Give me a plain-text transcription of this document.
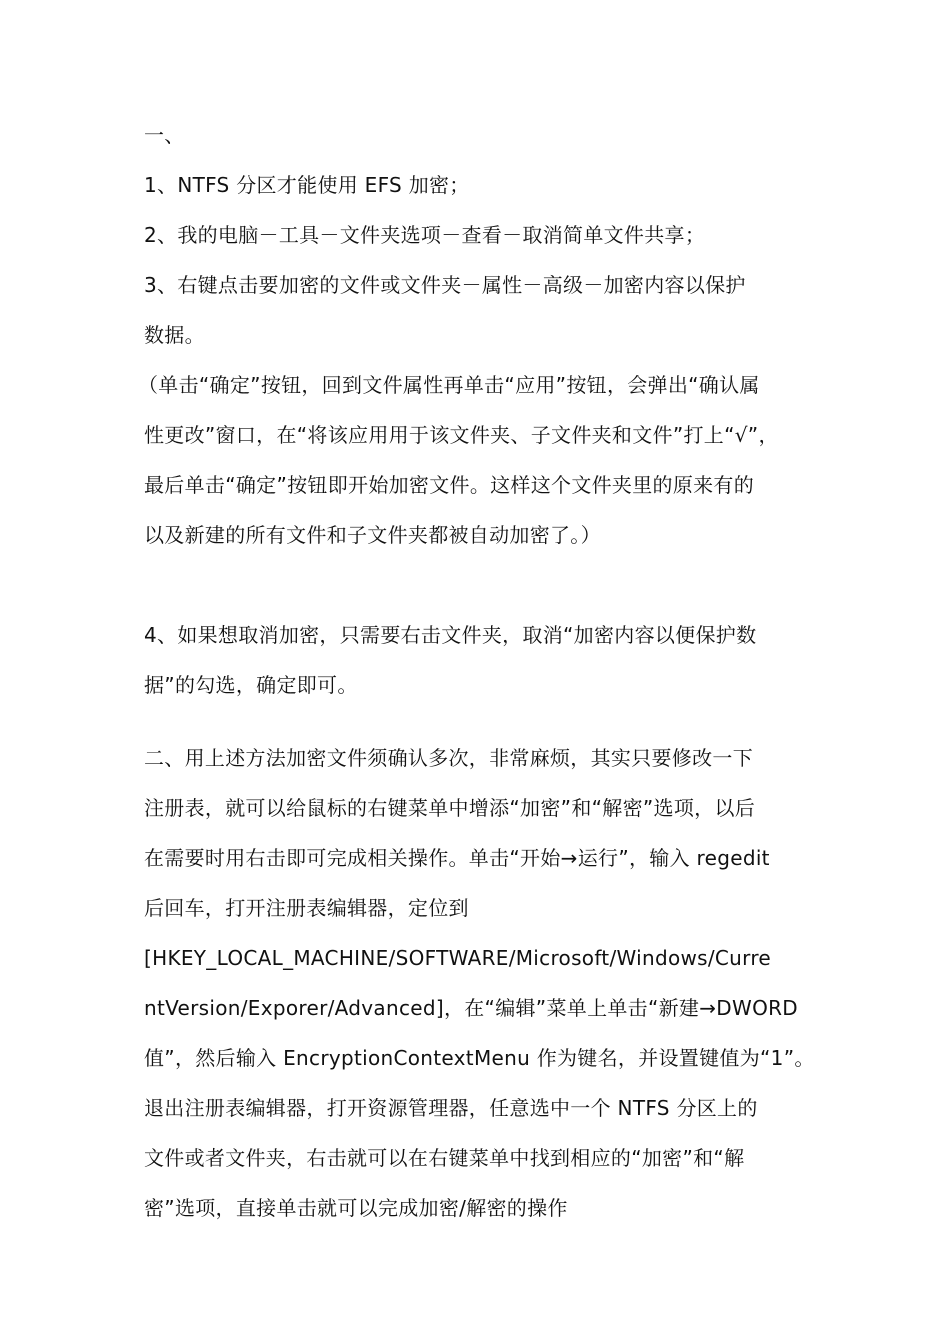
一、
1、NTFS 分区才能使用 EFS 加密；
2、我的电脑－工具－文件夹选项－查看－取消简单文件共享；
3、右键点击要加密的文件或文件夹－属性－高级－加密内容以保护
数据。
（单击“确定”按钮，回到文件属性再单击“应用”按钮，会弹出“确认属
性更改”窗口，在“将该应用用于该文件夹、子文件夹和文件”打上“√”，
最后单击“确定”按钮即开始加密文件。这样这个文件夹里的原来有的
以及新建的所有文件和子文件夹都被自动加密了。）
4、如果想取消加密，只需要右击文件夹，取消“加密内容以便保护数
据”的勾选，确定即可。
二、用上述方法加密文件须确认多次，非常麻烦，其实只要修改一下
注册表，就可以给鼠标的右键菜单中增添“加密”和“解密”选项，以后
在需要时用右击即可完成相关操作。单击“开始→运行”，输入 regedit
后回车，打开注册表编辑器，定位到
[HKEY_LOCAL_MACHINE/SOFTWARE/Microsoft/Windows/Curre
ntVersion/Exporer/Advanced]，在“编辑”菜单上单击“新建→DWORD
值”，然后输入 EncryptionContextMenu 作为键名，并设置键值为“1”。
退出注册表编辑器，打开资源管理器，任意选中一个 NTFS 分区上的
文件或者文件夹，右击就可以在右键菜单中找到相应的“加密”和“解
密”选项，直接单击就可以完成加密/解密的操作
